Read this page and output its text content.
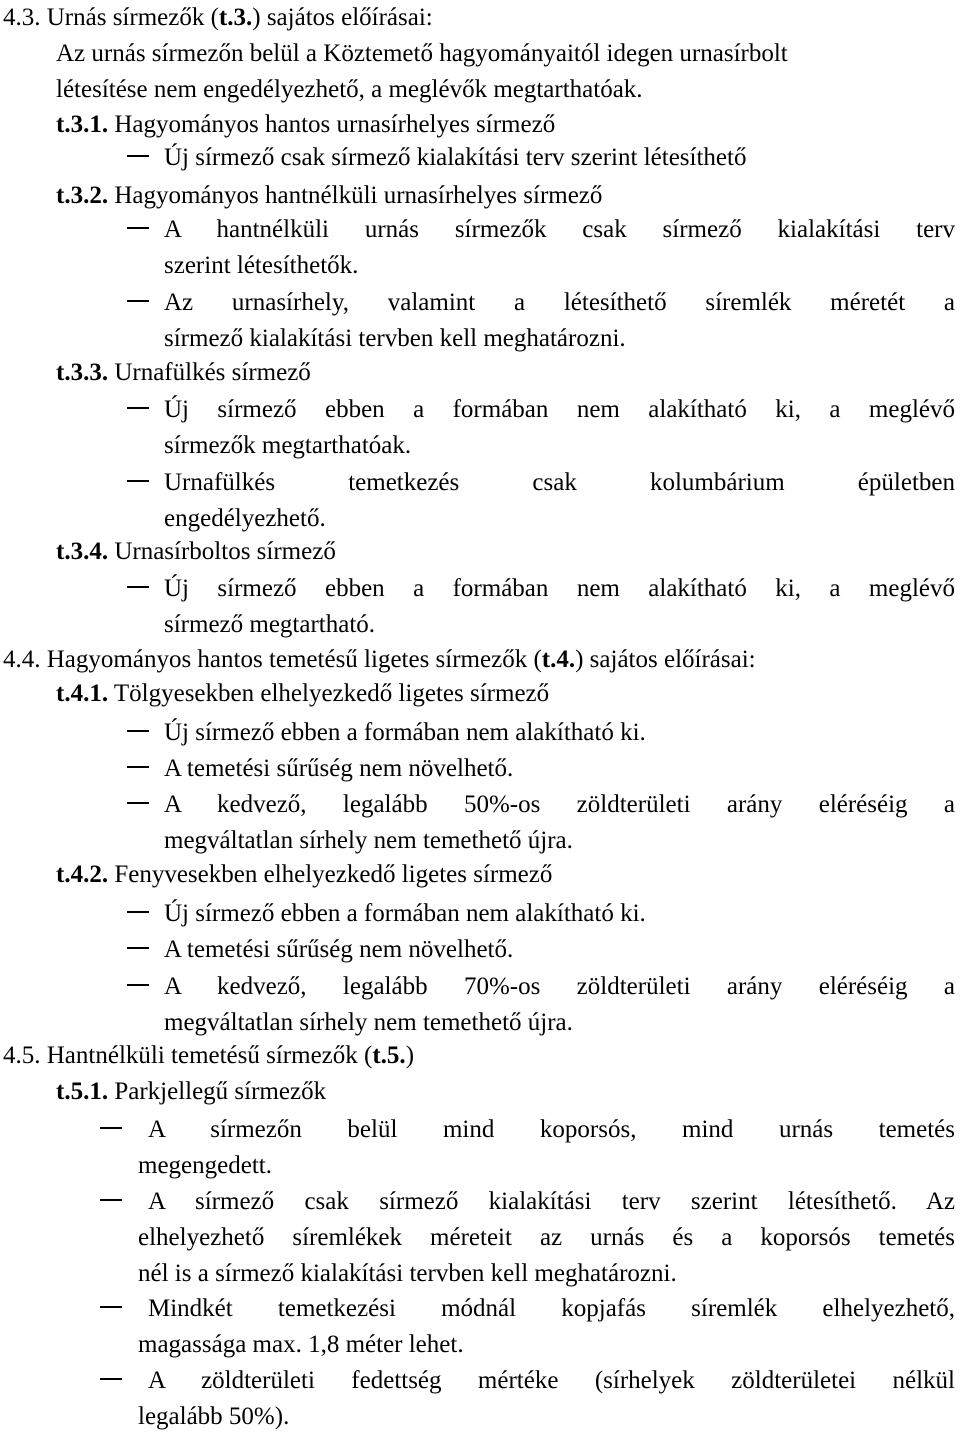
4.3. Urnás sírmezők (t.3.) sajátos előírásai:
Az urnás sírmezőn belül a Köztemető hagyományaitól idegen urnasírbolt
létesítése nem engedélyezhető, a meglévők megtarthatóak.
t.3.1. Hagyományos hantos urnasírhelyes sírmező
Új sírmező csak sírmező kialakítási terv szerint létesíthető
t.3.2. Hagyományos hantnélküli urnasírhelyes sírmező
A hantnélküli urnás sírmezők csak sírmező kialakítási terv
szerint létesíthetők.
Az urnasírhely, valamint a létesíthető síremlék méretét a
sírmező kialakítási tervben kell meghatározni.
t.3.3. Urnafülkés sírmező
Új sírmező ebben a formában nem alakítható ki, a meglévő
sírmezők megtarthatóak.
Urnafülkés temetkezés csak kolumbárium épületben
engedélyezhető.
t.3.4. Urnasírboltos sírmező
Új sírmező ebben a formában nem alakítható ki, a meglévő
sírmező megtartható.
4.4. Hagyományos hantos temetésű ligetes sírmezők (t.4.) sajátos előírásai:
t.4.1. Tölgyesekben elhelyezkedő ligetes sírmező
Új sírmező ebben a formában nem alakítható ki.
A temetési sűrűség nem növelhető.
A kedvező, legalább 50%-os zöldterületi arány eléréséig a
megváltatlan sírhely nem temethető újra.
t.4.2. Fenyvesekben elhelyezkedő ligetes sírmező
Új sírmező ebben a formában nem alakítható ki.
A temetési sűrűség nem növelhető.
A kedvező, legalább 70%-os zöldterületi arány eléréséig a
megváltatlan sírhely nem temethető újra.
4.5. Hantnélküli temetésű sírmezők (t.5.)
t.5.1. Parkjellegű sírmezők
A sírmezőn belül mind koporsós, mind urnás temetés
megengedett.
A sírmező csak sírmező kialakítási terv szerint létesíthető. Az
elhelyezhető síremlékek méreteit az urnás és a koporsós temetés
nél is a sírmező kialakítási tervben kell meghatározni.
Mindkét temetkezési módnál kopjafás síremlék elhelyezhető,
magassága max. 1,8 méter lehet.
A zöldterületi fedettség mértéke (sírhelyek zöldterületei nélkül
legalább 50%).
